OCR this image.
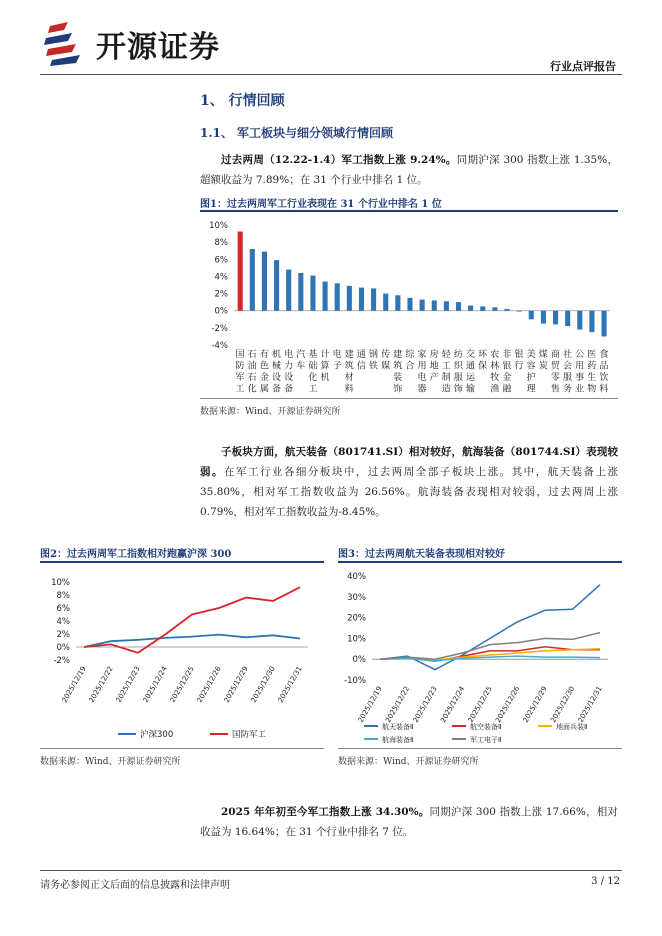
开源证券
行业点评报告
1、 行情回顾
1.1、 军工板块与细分领域行情回顾
过去两周（12.22-1.4）军工指数上涨 9.24%。同期沪深 300 指数上涨 1.35%，超额收益为 7.89%；在 31 个行业中排名 1 位。
图1：过去两周军工行业表现在 31 个行业中排名 1 位
10%
8%
6%
4%
2%
0%
-2%
-4%
国防军工
石油石化
有色金属
机械设备
电力设备
汽车
基础化工
计算机
电子
建筑材料
通信
钢铁
传媒
建筑装饰
综合
家用电器
房地产
轻工制造
纺织服饰
交通运输
环保
农林牧渔
非银金融
银行
美容护理
煤炭
商贸零售
社会服务
公用事业
医药生物
食品饮料
数据来源：Wind、开源证券研究所
子板块方面，航天装备（801741.SI）相对较好，航海装备（801744.SI）表现较弱。在军工行业各细分板块中，过去两周全部子板块上涨。其中，航天装备上涨 35.80%，相对军工指数收益为 26.56%。航海装备表现相对较弱，过去两周上涨 0.79%，相对军工指数收益为-8.45%。
图2：过去两周军工指数相对跑赢沪深 300
10%
8%
6%
4%
2%
0%
-2%
2025/12/19 2025/12/22 2025/12/23 2025/12/24 2025/12/25 2025/12/26 2025/12/29 2025/12/30 2025/12/31
沪深300	国防军工
数据来源：Wind、开源证券研究所
图3：过去两周航天装备表现相对较好
40%
30%
20%
10%
0%
-10%
2025/12/19 2025/12/22 2025/12/23 2025/12/24 2025/12/25 2025/12/26 2025/12/29 2025/12/30 2025/12/31
航天装备Ⅱ	航空装备Ⅱ	地面兵装Ⅱ
航海装备Ⅱ	军工电子Ⅱ
数据来源：Wind、开源证券研究所
2025 年年初至今军工指数上涨 34.30%。同期沪深 300 指数上涨 17.66%，相对收益为 16.64%；在 31 个行业中排名 7 位。
请务必参阅正文后面的信息披露和法律声明	3 / 12
